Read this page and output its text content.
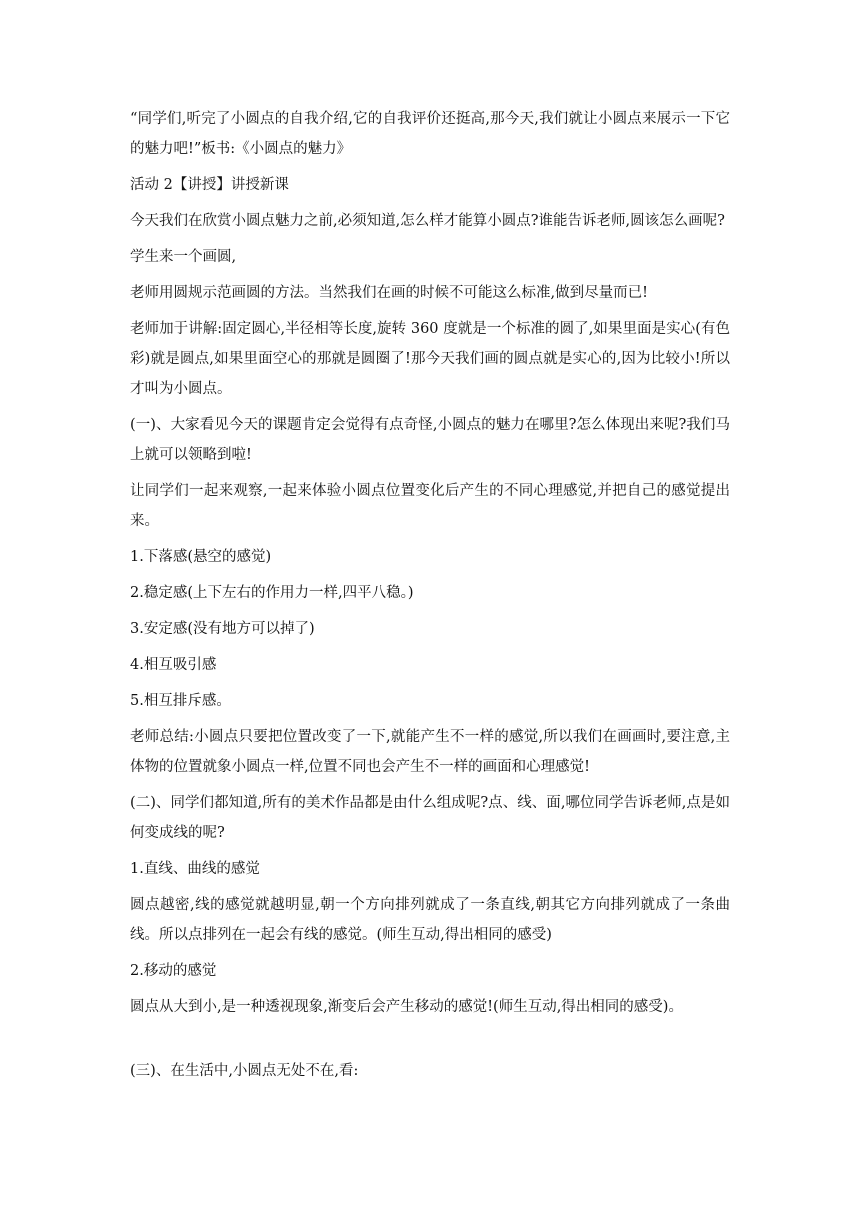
“同学们,听完了小圆点的自我介绍,它的自我评价还挺高,那今天,我们就让小圆点来展示一下它的魅力吧!”板书:《小圆点的魅力》

活动 2【讲授】讲授新课

今天我们在欣赏小圆点魅力之前,必须知道,怎么样才能算小圆点?谁能告诉老师,圆该怎么画呢?

学生来一个画圆,

老师用圆规示范画圆的方法。当然我们在画的时候不可能这么标准,做到尽量而已!

老师加于讲解:固定圆心,半径相等长度,旋转 360 度就是一个标准的圆了,如果里面是实心(有色彩)就是圆点,如果里面空心的那就是圆圈了!那今天我们画的圆点就是实心的,因为比较小!所以才叫为小圆点。

(一)、大家看见今天的课题肯定会觉得有点奇怪,小圆点的魅力在哪里?怎么体现出来呢?我们马上就可以领略到啦!

让同学们一起来观察,一起来体验小圆点位置变化后产生的不同心理感觉,并把自己的感觉提出来。

1.下落感(悬空的感觉)

2.稳定感(上下左右的作用力一样,四平八稳。)

3.安定感(没有地方可以掉了)

4.相互吸引感

5.相互排斥感。

老师总结:小圆点只要把位置改变了一下,就能产生不一样的感觉,所以我们在画画时,要注意,主体物的位置就象小圆点一样,位置不同也会产生不一样的画面和心理感觉!

(二)、同学们都知道,所有的美术作品都是由什么组成呢?点、线、面,哪位同学告诉老师,点是如何变成线的呢?

1.直线、曲线的感觉

圆点越密,线的感觉就越明显,朝一个方向排列就成了一条直线,朝其它方向排列就成了一条曲线。所以点排列在一起会有线的感觉。(师生互动,得出相同的感受)

2.移动的感觉

圆点从大到小,是一种透视现象,渐变后会产生移动的感觉!(师生互动,得出相同的感受)。

(三)、在生活中,小圆点无处不在,看:
